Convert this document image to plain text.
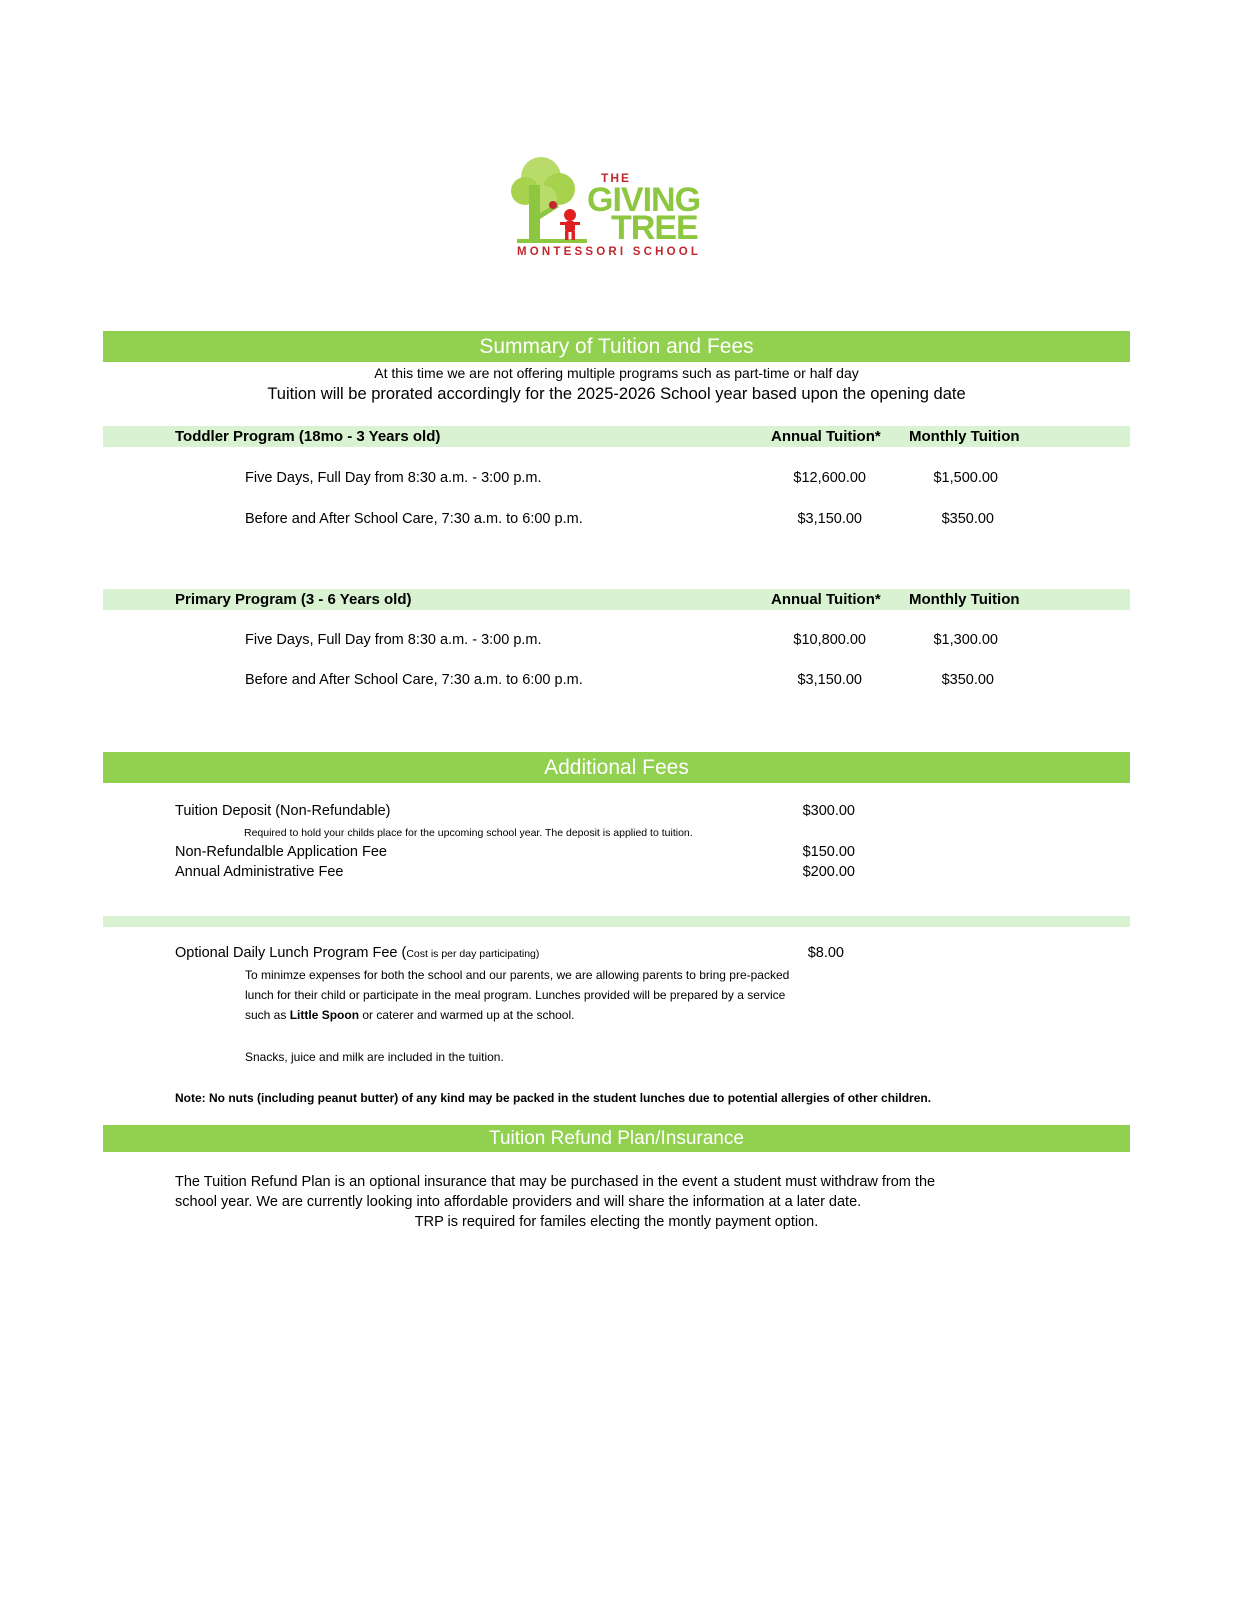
THE
GIVING
TREE
MONTESSORI SCHOOL
Summary of Tuition and Fees
At this time we are not offering multiple programs such as part-time or half day
Tuition will be prorated accordingly for the 2025-2026 School year based upon the opening date
Toddler Program (18mo - 3 Years old)	Annual Tuition* Monthly Tuition
Five Days, Full Day from 8:30 a.m. - 3:00 p.m.	$12,600.00	$1,500.00
Before and After School Care, 7:30 a.m. to 6:00 p.m.	$3,150.00	$350.00
Primary Program (3 - 6 Years old)	Annual Tuition* Monthly Tuition
Five Days, Full Day from 8:30 a.m. - 3:00 p.m.	$10,800.00	$1,300.00
Before and After School Care, 7:30 a.m. to 6:00 p.m.	$3,150.00	$350.00
Additional Fees
Tuition Deposit (Non-Refundable)	$300.00
Required to hold your childs place for the upcoming school year. The deposit is applied to tuition.
Non-Refundalble Application Fee	$150.00
Annual Administrative Fee	$200.00
Optional Daily Lunch Program Fee (Cost is per day participating)	$8.00
To minimze expenses for both the school and our parents, we are allowing parents to bring pre-packed
lunch for their child or participate in the meal program. Lunches provided will be prepared by a service
such as Little Spoon or caterer and warmed up at the school.
Snacks, juice and milk are included in the tuition.
Note: No nuts (including peanut butter) of any kind may be packed in the student lunches due to potential allergies of other children.
Tuition Refund Plan/Insurance
The Tuition Refund Plan is an optional insurance that may be purchased in the event a student must withdraw from the
school year. We are currently looking into affordable providers and will share the information at a later date.
TRP is required for familes electing the montly payment option.
